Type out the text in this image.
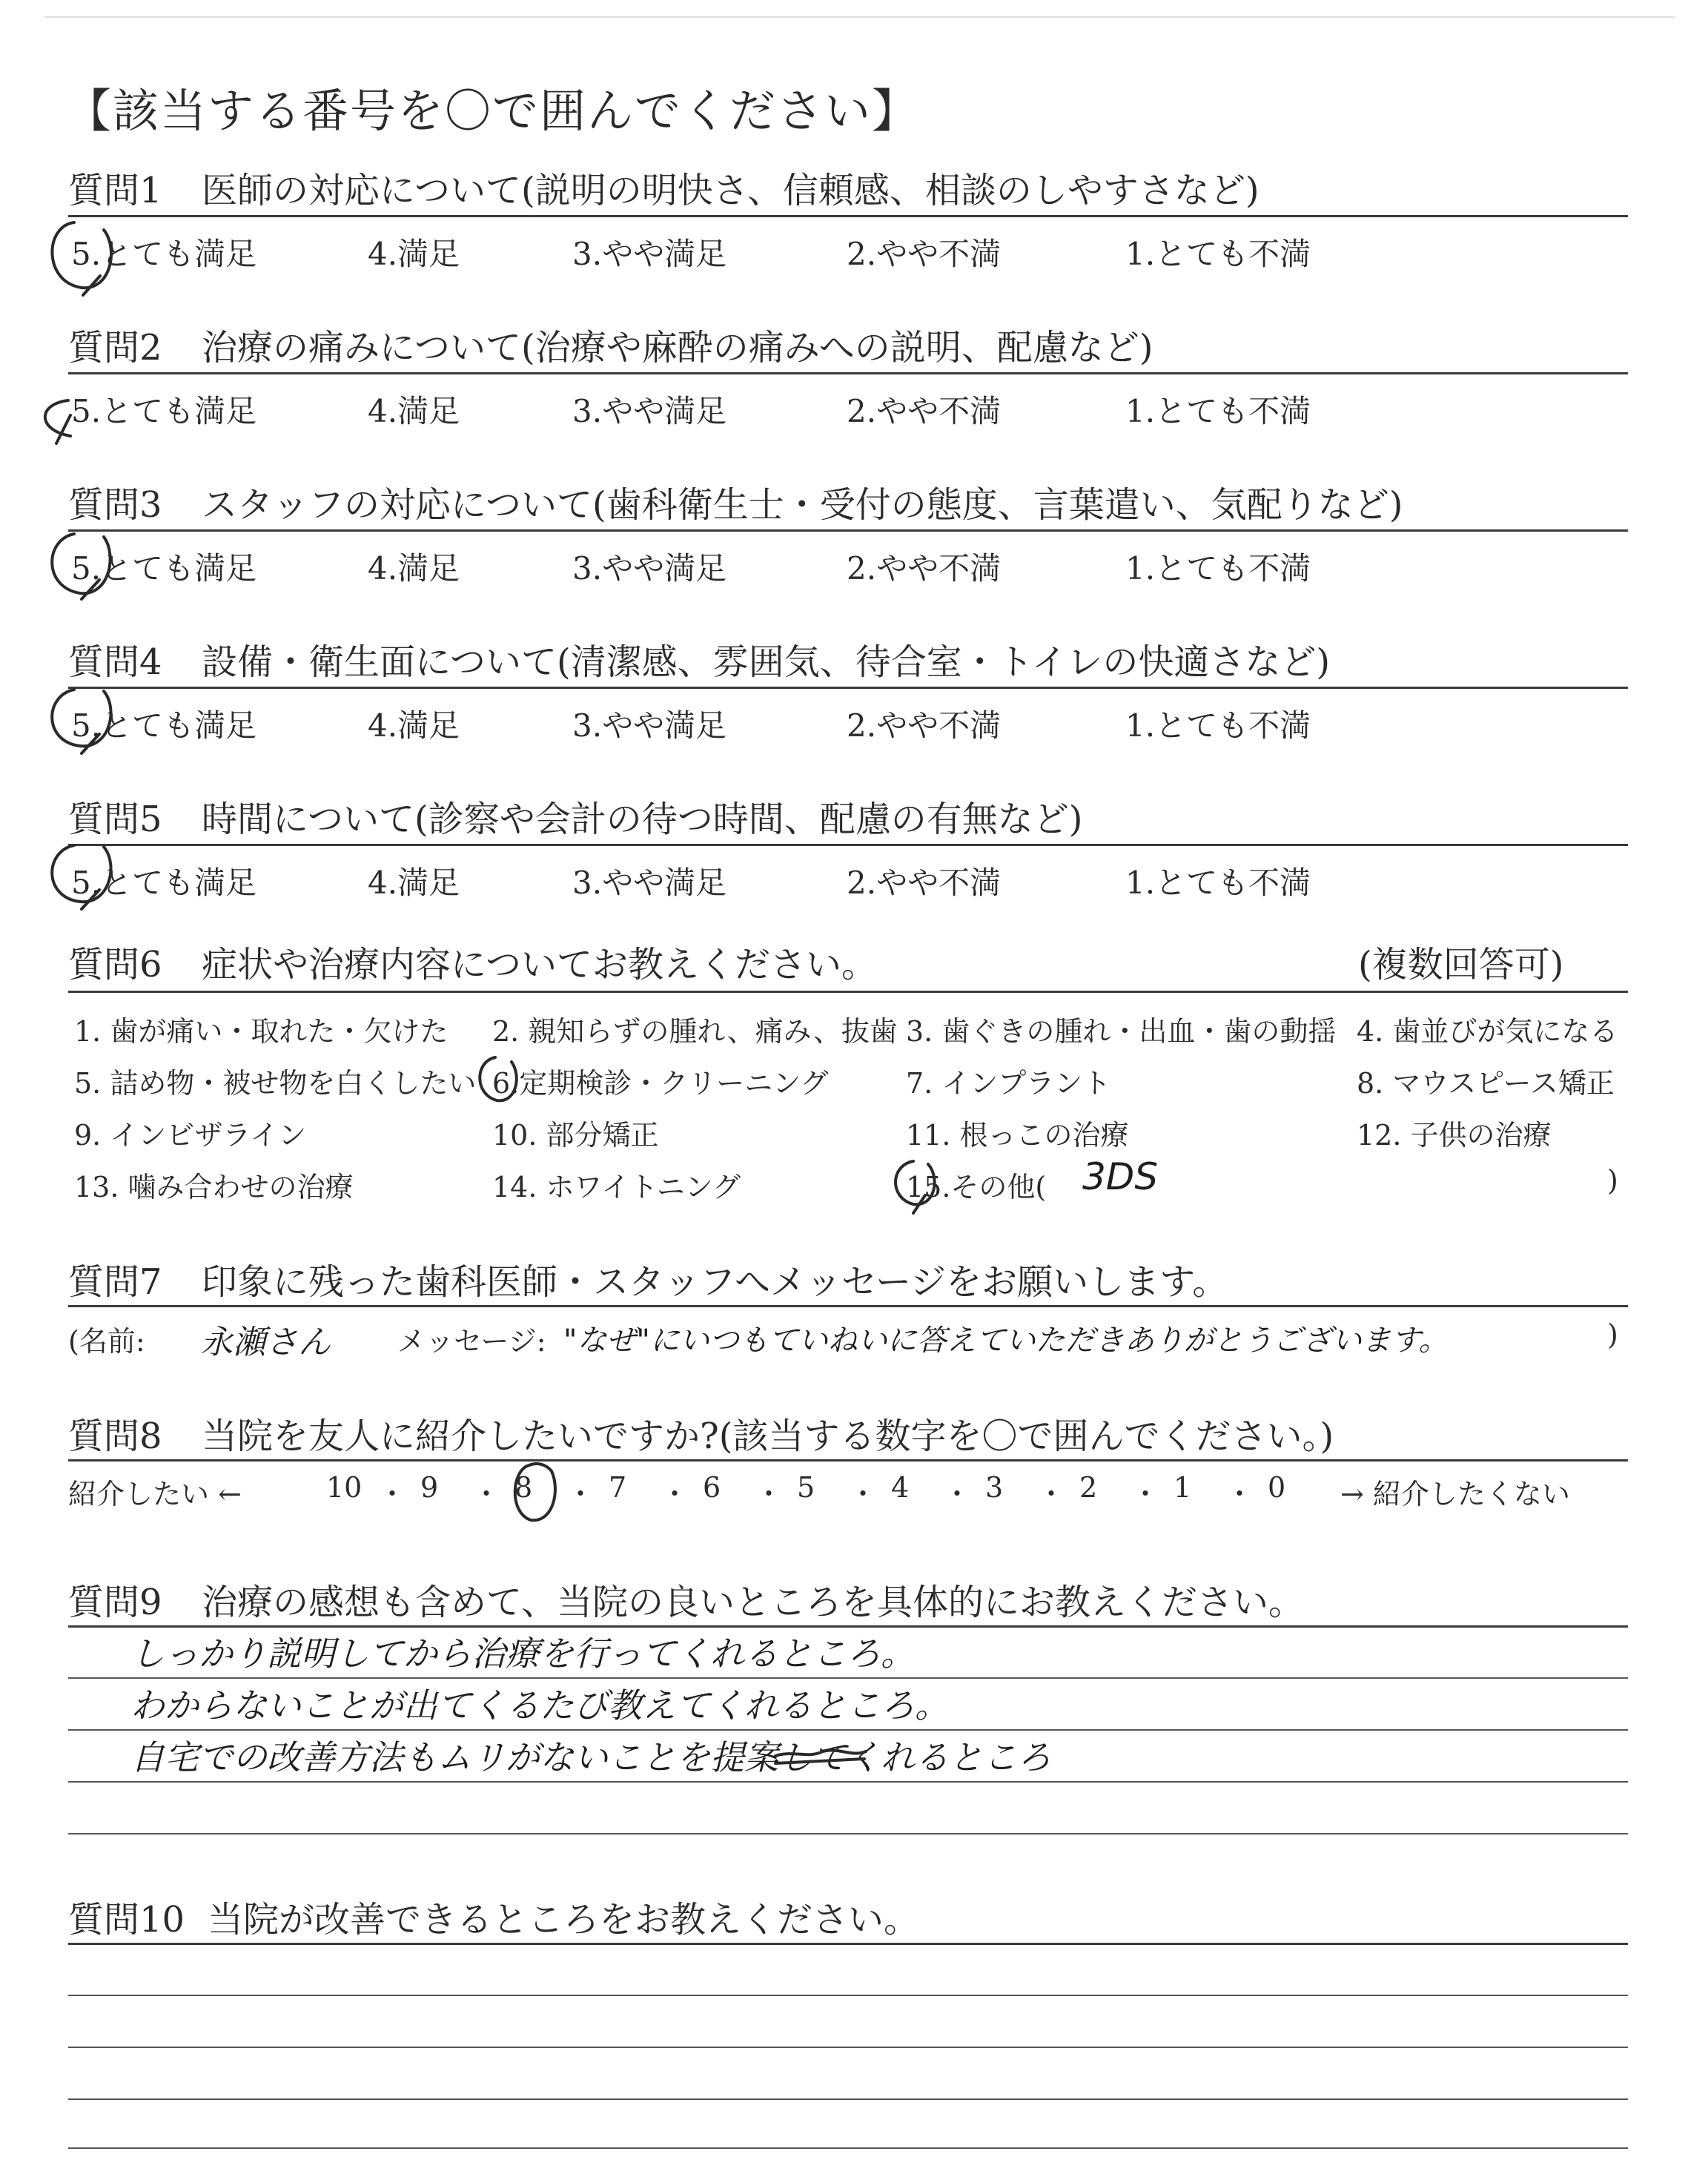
【該当する番号を〇で囲んでください】
質問1 医師の対応について(説明の明快さ、信頼感、相談のしやすさなど)
5.とても満足	4.満足	3.やや満足	2.やや不満	1.とても不満
質問2 治療の痛みについて(治療や麻酔の痛みへの説明、配慮など)
5.とても満足	4.満足	3.やや満足	2.やや不満	1.とても不満
質問3 スタッフの対応について(歯科衛生士・受付の態度、言葉遣い、気配りなど)
5.とても満足	4.満足	3.やや満足	2.やや不満	1.とても不満
質問4 設備・衛生面について(清潔感、雰囲気、待合室・トイレの快適さなど)
5.とても満足	4.満足	3.やや満足	2.やや不満	1.とても不満
質問5 時間について(診察や会計の待つ時間、配慮の有無など)
5.とても満足	4.満足	3.やや満足	2.やや不満	1.とても不満
質問6 症状や治療内容についてお教えください。	(複数回答可)
1. 歯が痛い・取れた・欠けた 2. 親知らずの腫れ、痛み、抜歯 3. 歯ぐきの腫れ・出血・歯の動揺 4. 歯並びが気になる
5. 詰め物・被せ物を白くしたい 6.定期検診・クリーニング	7. インプラント	8. マウスピース矯正
9. インビザライン	10. 部分矯正	11. 根っこの治療	12. 子供の治療
13. 噛み合わせの治療	14. ホワイトニング	15.その他( 3DS	)
質問7 印象に残った歯科医師・スタッフへメッセージをお願いします。
(名前: 永瀬さん メッセージ: "なぜ"にいつもていねいに答えていただきありがとうございます。	)
質問8 当院を友人に紹介したいですか?(該当する数字を〇で囲んでください。)
紹介したい ←	10 ・ 9 ・ 8 ・ 7 ・ 6 ・ 5 ・ 4 ・ 3 ・ 2 ・ 1 ・ 0 → 紹介したくない
質問9 治療の感想も含めて、当院の良いところを具体的にお教えください。
しっかり説明してから治療を行ってくれるところ。
わからないことが出てくるたび教えてくれるところ。
自宅での改善方法もムリがないことを提案してくれるところ
質問10 当院が改善できるところをお教えください。
